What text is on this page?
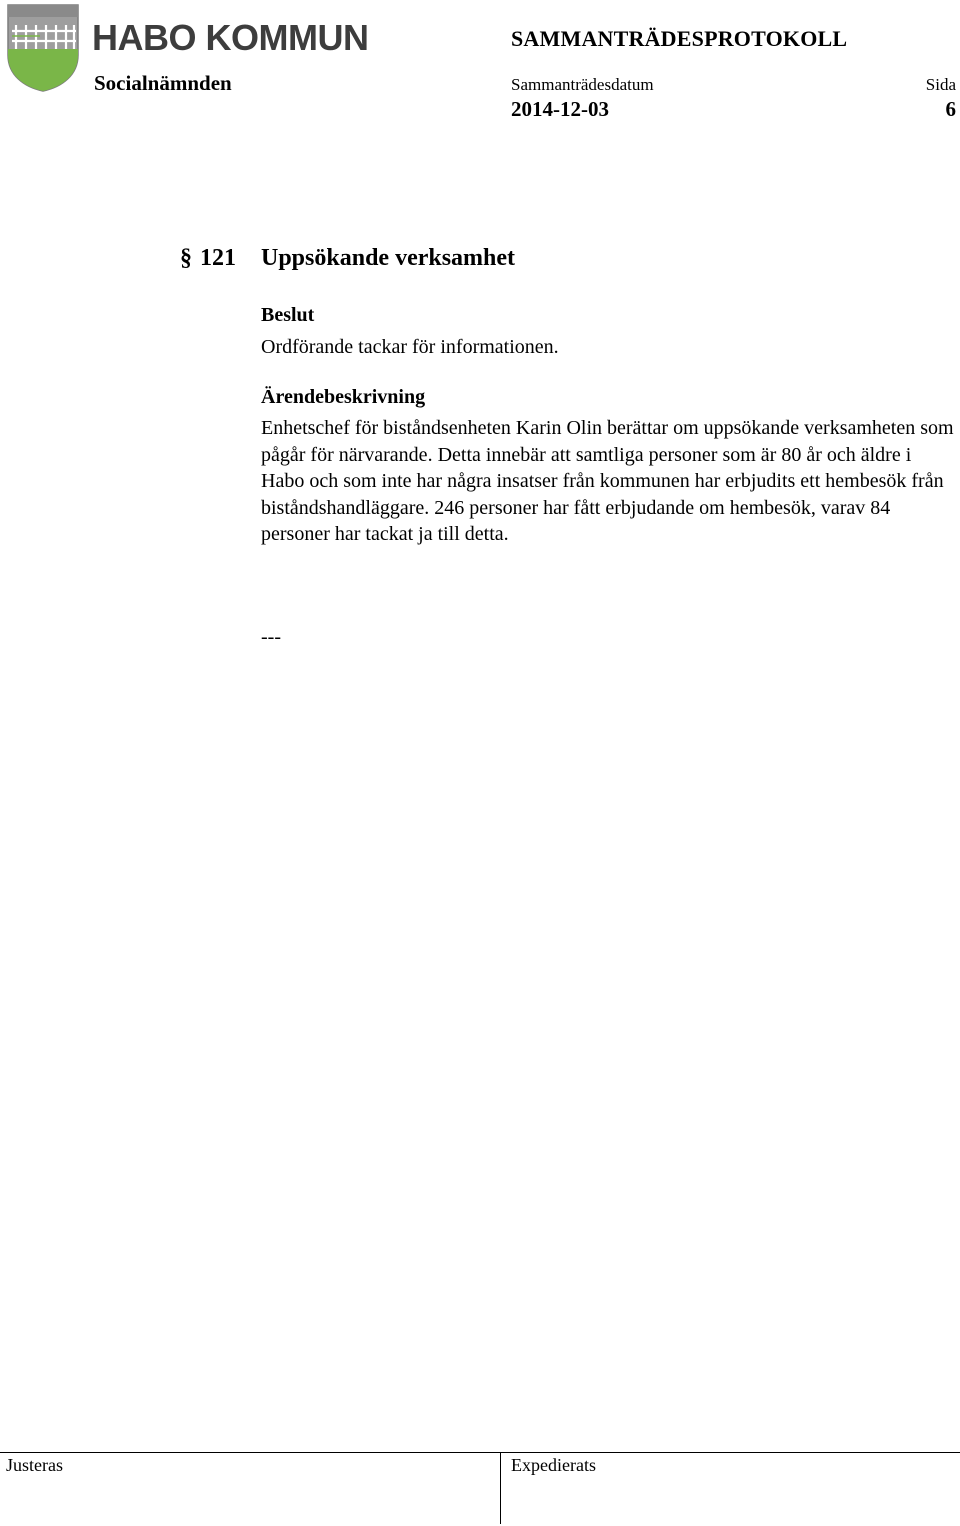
HABO KOMMUN
Socialnämnden
SAMMANTRÄDESPROTOKOLL
Sammanträdesdatum	Sida
2014-12-03	6
§ 121 Uppsökande verksamhet
Beslut
Ordförande tackar för informationen.
Ärendebeskrivning
Enhetschef för biståndsenheten Karin Olin berättar om uppsökande verksamheten som pågår för närvarande. Detta innebär att samtliga personer som är 80 år och äldre i Habo och som inte har några insatser från kommunen har erbjudits ett hembesök från biståndshandläggare. 246 personer har fått erbjudande om hembesök, varav 84 personer har tackat ja till detta.
---
Justeras	Expedierats
